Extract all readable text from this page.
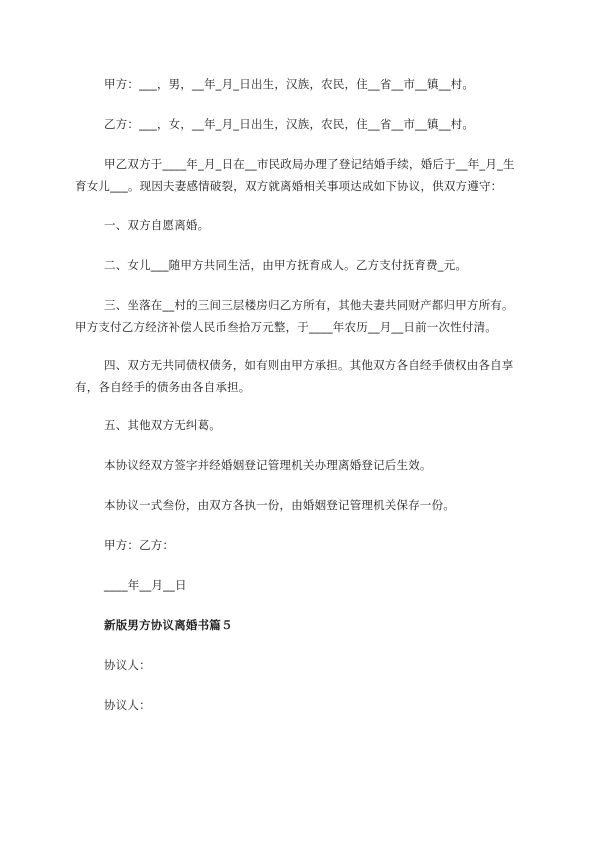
甲方：___，男，__年_月_日出生，汉族，农民，住__省__市__镇__村。

乙方：___，女，__年_月_日出生，汉族，农民，住__省__市__镇__村。

甲乙双方于____年_月_日在__市民政局办理了登记结婚手续，婚后于__年_月_生育女儿___。现因夫妻感情破裂，双方就离婚相关事项达成如下协议，供双方遵守：

一、双方自愿离婚。

二、女儿___随甲方共同生活，由甲方抚育成人。乙方支付抚育费_元。

三、坐落在__村的三间三层楼房归乙方所有，其他夫妻共同财产都归甲方所有。甲方支付乙方经济补偿人民币叁拾万元整，于____年农历__月__日前一次性付清。

四、双方无共同债权债务，如有则由甲方承担。其他双方各自经手债权由各自享有，各自经手的债务由各自承担。

五、其他双方无纠葛。

本协议经双方签字并经婚姻登记管理机关办理离婚登记后生效。

本协议一式叁份，由双方各执一份，由婚姻登记管理机关保存一份。

甲方：乙方：

____年__月__日

新版男方协议离婚书篇５

协议人：

协议人：
